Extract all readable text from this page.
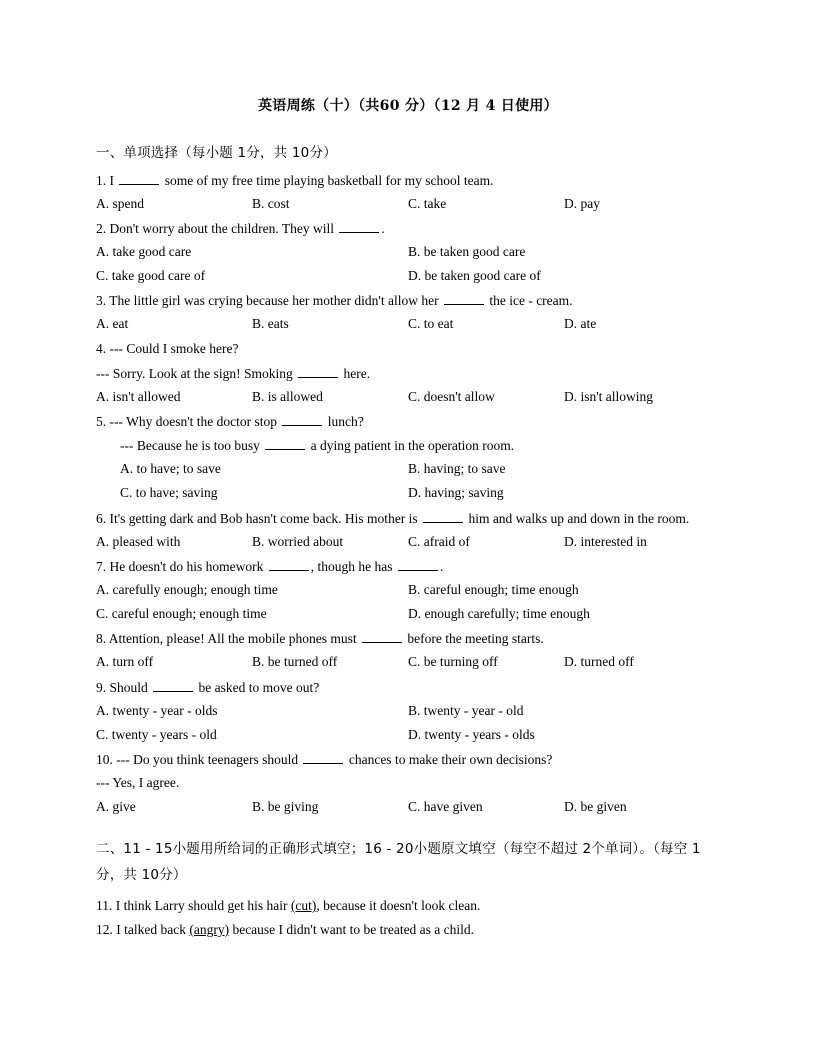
英语周练（十）（共60 分）（12 月 4 日使用）
一、单项选择（每小题 1分，共 10分）
1. I	some of my free time playing basketball for my school team.
A. spend	B. cost	C. take	D. pay
2. Don't worry about the children. They will	.
A. take good care	B. be taken good care
C. take good care of	D. be taken good care of
3. The little girl was crying because her mother didn't allow her	the ice - cream.
A. eat	B. eats	C. to eat	D. ate
4. --- Could I smoke here?
--- Sorry. Look at the sign! Smoking	here.
A. isn't allowed	B. is allowed	C. doesn't allow	D. isn't allowing
5. --- Why doesn't the doctor stop	lunch?
--- Because he is too busy	a dying patient in the operation room.
A. to have; to save	B. having; to save
C. to have; saving	D. having; saving
6. It's getting dark and Bob hasn't come back. His mother is	him and walks up and down in the room.
A. pleased with	B. worried about	C. afraid of	D. interested in
7. He doesn't do his homework	, though he has	.
A. carefully enough; enough time	B. careful enough; time enough
C. careful enough; enough time	D. enough carefully; time enough
8. Attention, please! All the mobile phones must	before the meeting starts.
A. turn off	B. be turned off	C. be turning off	D. turned off
9. Should	be asked to move out?
A. twenty - year - olds	B. twenty - year - old
C. twenty - years - old	D. twenty - years - olds
10. --- Do you think teenagers should	chances to make their own decisions?
--- Yes, I agree.
A. give	B. be giving	C. have given	D. be given
二、11 - 15小题用所给词的正确形式填空；16 - 20小题原文填空（每空不超过 2个单词）。（每空 1分，共 10分）
11. I think Larry should get his hair (cut), because it doesn't look clean.
12. I talked back (angry) because I didn't want to be treated as a child.
